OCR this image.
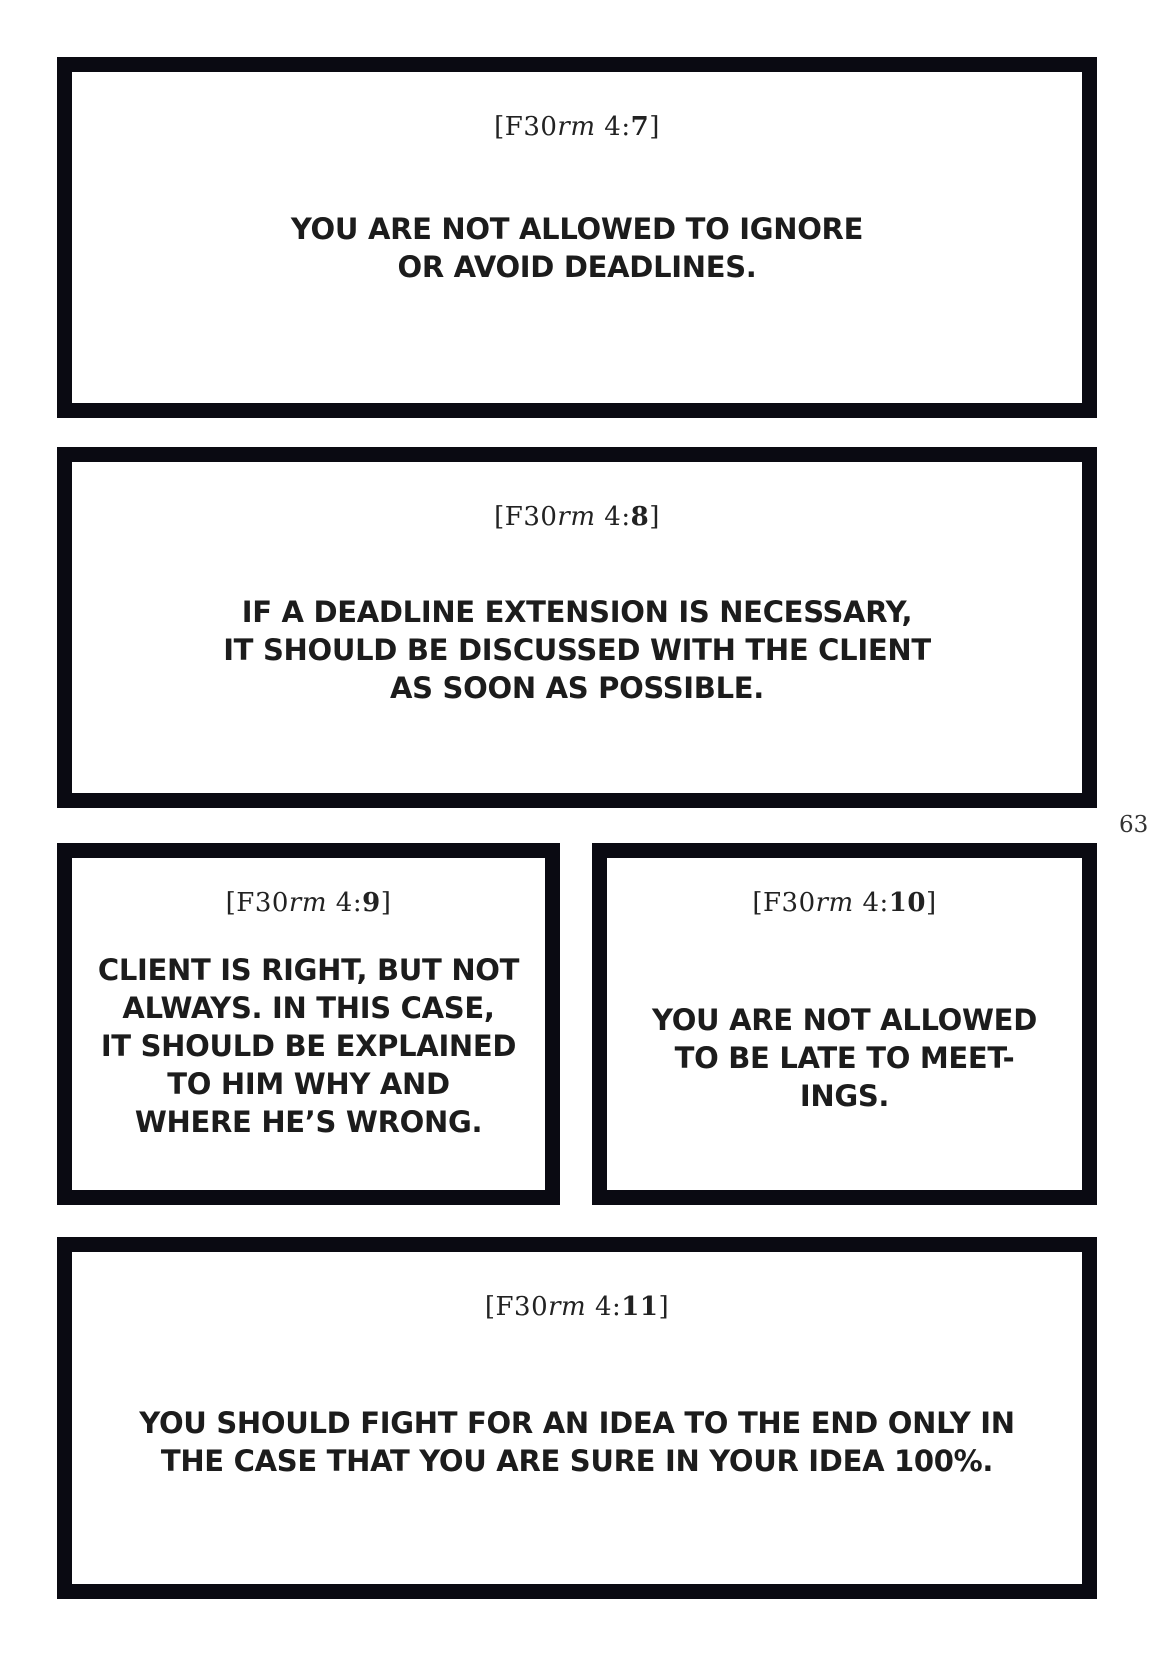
[F30rm 4:7]
YOU ARE NOT ALLOWED TO IGNORE
OR AVOID DEADLINES.
[F30rm 4:8]
IF A DEADLINE EXTENSION IS NECESSARY,
IT SHOULD BE DISCUSSED WITH THE CLIENT
AS SOON AS POSSIBLE.
63
[F30rm 4:9]
CLIENT IS RIGHT, BUT NOT
ALWAYS. IN THIS CASE,
IT SHOULD BE EXPLAINED
TO HIM WHY AND
WHERE HE’S WRONG.
[F30rm 4:10]
YOU ARE NOT ALLOWED
TO BE LATE TO MEET-
INGS.
[F30rm 4:11]
YOU SHOULD FIGHT FOR AN IDEA TO THE END ONLY IN
THE CASE THAT YOU ARE SURE IN YOUR IDEA 100%.
